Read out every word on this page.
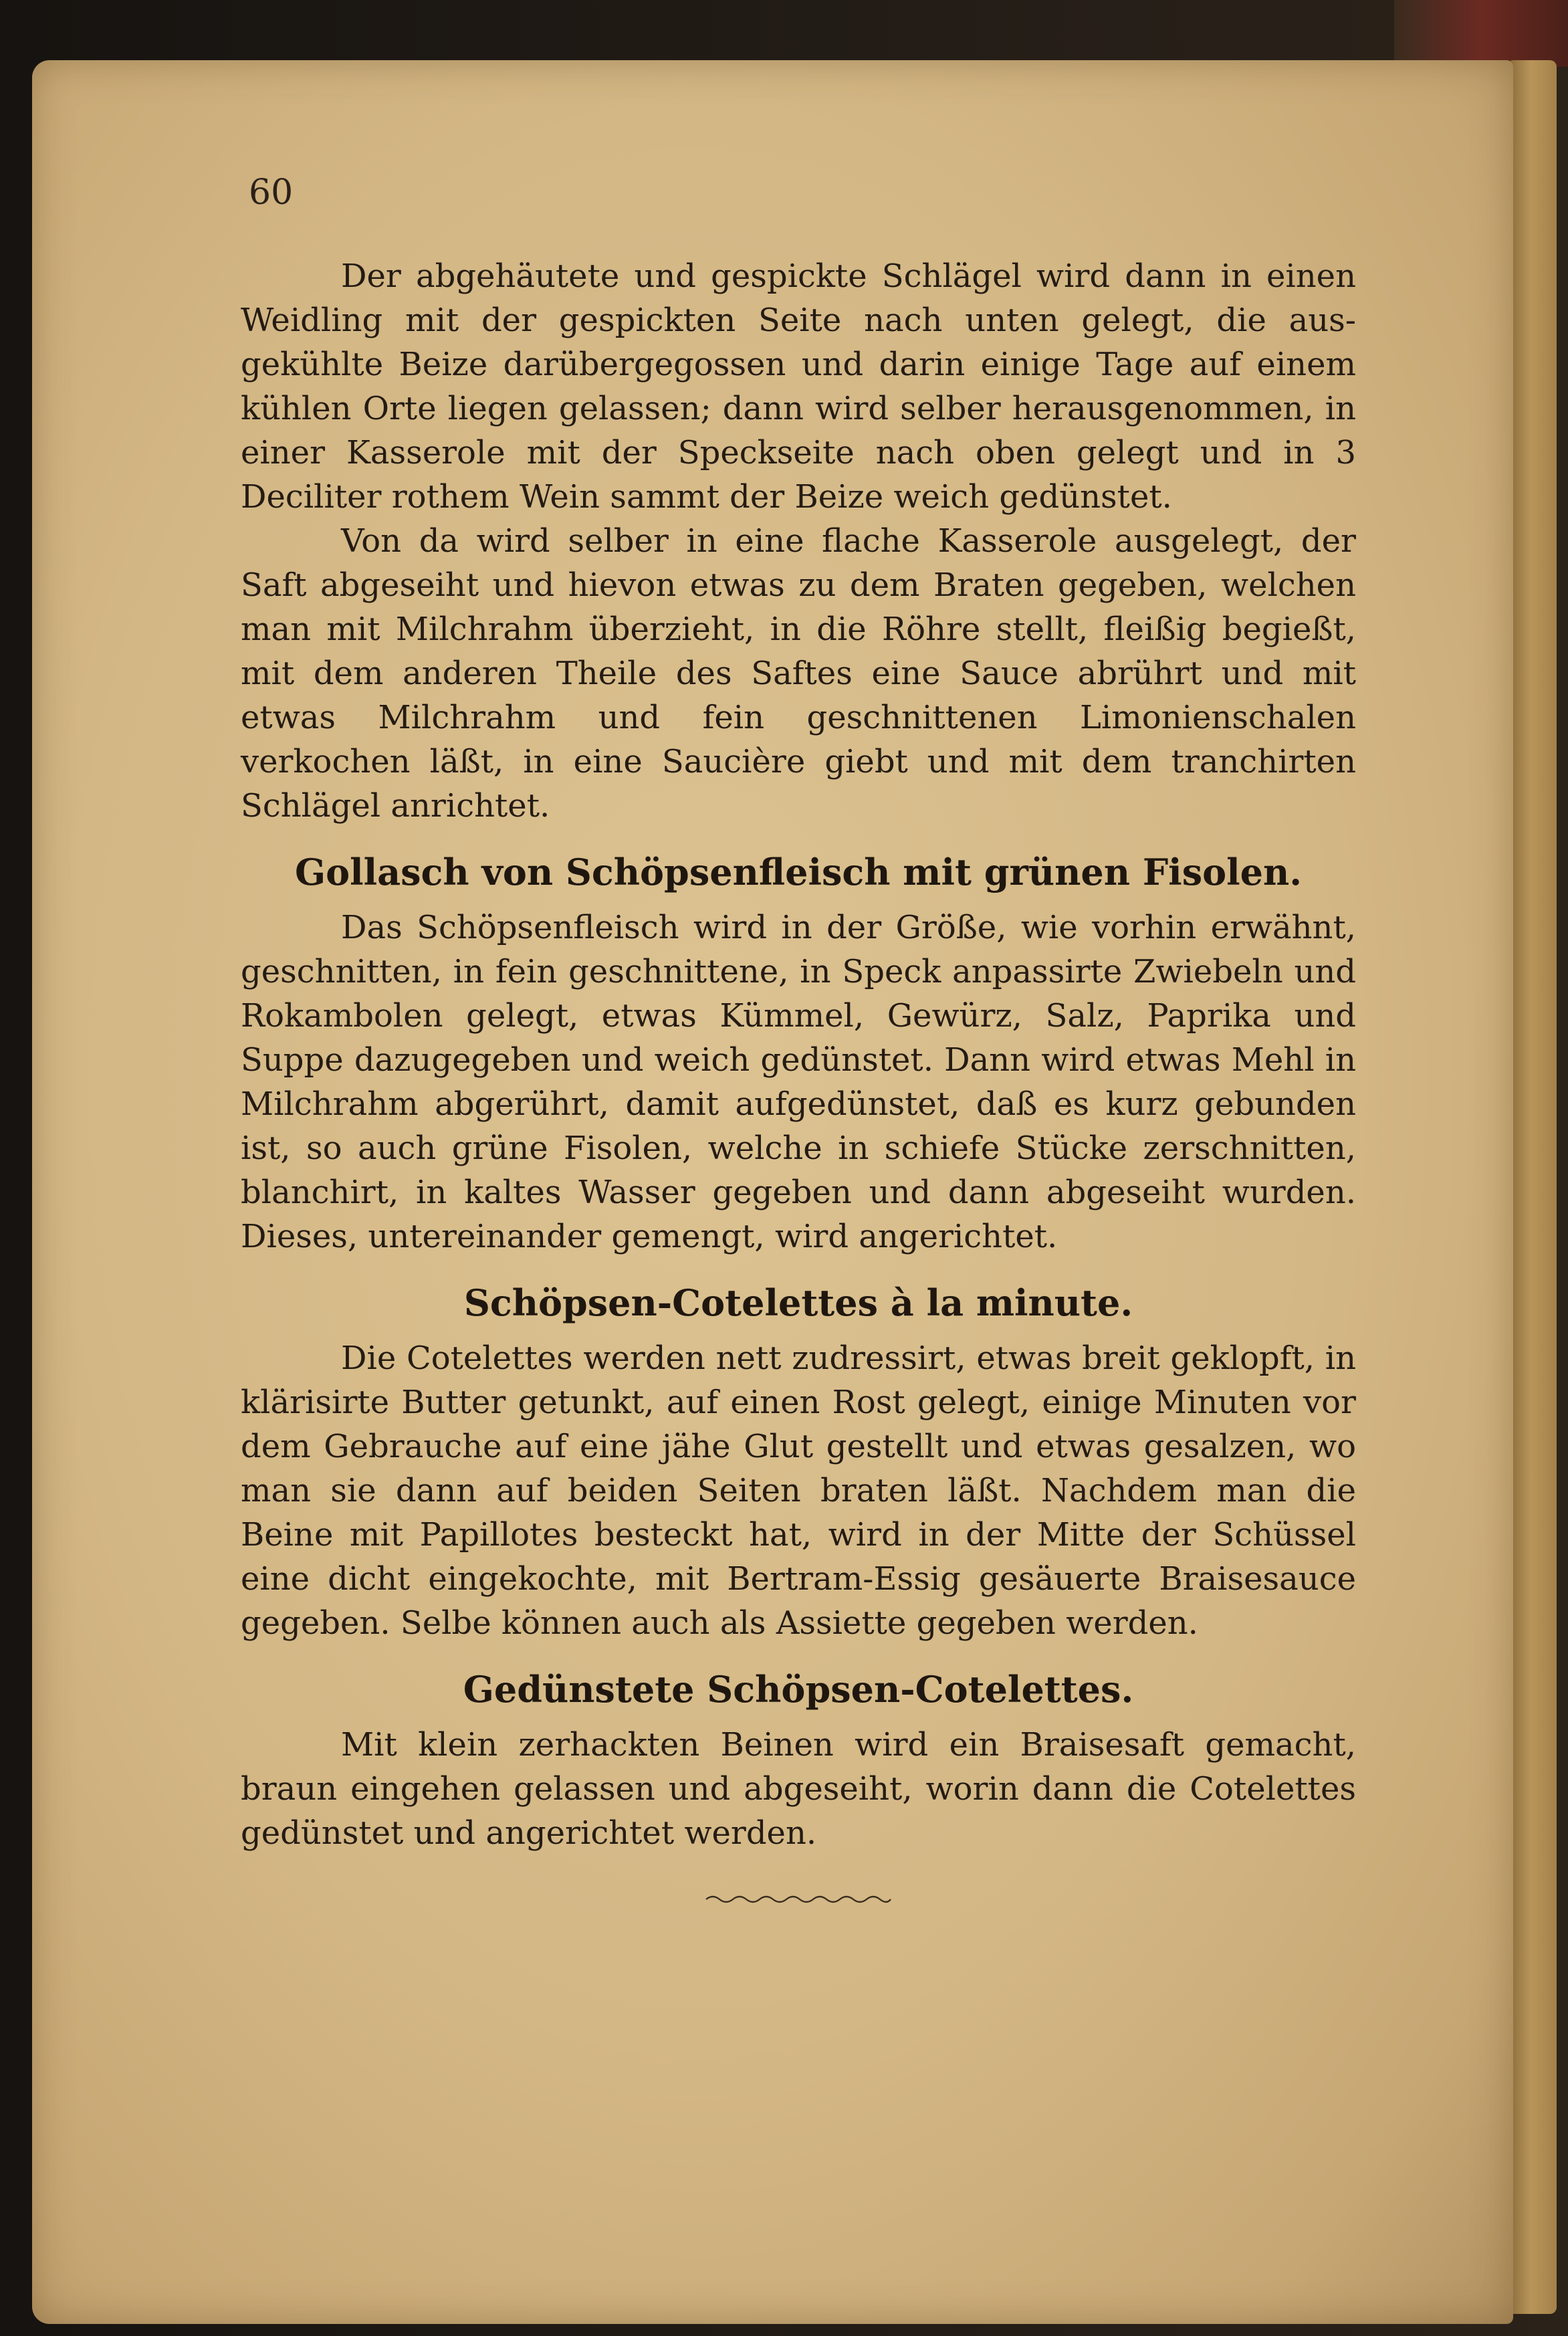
60

Der abgehäutete und gespickte Schlägel wird dann in einen Weidling mit der gespickten Seite nach unten gelegt, die ausgekühlte Beize darübergegossen und darin einige Tage auf einem kühlen Orte liegen gelassen; dann wird selber herausgenommen, in einer Kasserole mit der Speckseite nach oben gelegt und in 3 Deciliter rothem Wein sammt der Beize weich gedünstet.

Von da wird selber in eine flache Kasserole ausgelegt, der Saft abgeseiht und hievon etwas zu dem Braten gegeben, welchen man mit Milchrahm überzieht, in die Röhre stellt, fleißig begießt, mit dem anderen Theile des Saftes eine Sauce abrührt und mit etwas Milchrahm und fein geschnittenen Limonienschalen verkochen läßt, in eine Saucière giebt und mit dem tranchirten Schlägel anrichtet.

Gollasch von Schöpsenfleisch mit grünen Fisolen.

Das Schöpsenfleisch wird in der Größe, wie vorhin erwähnt, geschnitten, in fein geschnittene, in Speck anpassirte Zwiebeln und Rokambolen gelegt, etwas Kümmel, Gewürz, Salz, Paprika und Suppe dazugegeben und weich gedünstet. Dann wird etwas Mehl in Milchrahm abgerührt, damit aufgedünstet, daß es kurz gebunden ist, so auch grüne Fisolen, welche in schiefe Stücke zerschnitten, blanchirt, in kaltes Wasser gegeben und dann abgeseiht wurden. Dieses, untereinander gemengt, wird angerichtet.

Schöpsen-Cotelettes à la minute.

Die Cotelettes werden nett zudressirt, etwas breit geklopft, in klärisirte Butter getunkt, auf einen Rost gelegt, einige Minuten vor dem Gebrauche auf eine jähe Glut gestellt und etwas gesalzen, wo man sie dann auf beiden Seiten braten läßt. Nachdem man die Beine mit Papillotes besteckt hat, wird in der Mitte der Schüssel eine dicht eingekochte, mit Bertram-Essig gesäuerte Braisesauce gegeben. Selbe können auch als Assiette gegeben werden.

Gedünstete Schöpsen-Cotelettes.

Mit klein zerhackten Beinen wird ein Braisesaft gemacht, braun eingehen gelassen und abgeseiht, worin dann die Cotelettes gedünstet und angerichtet werden.
